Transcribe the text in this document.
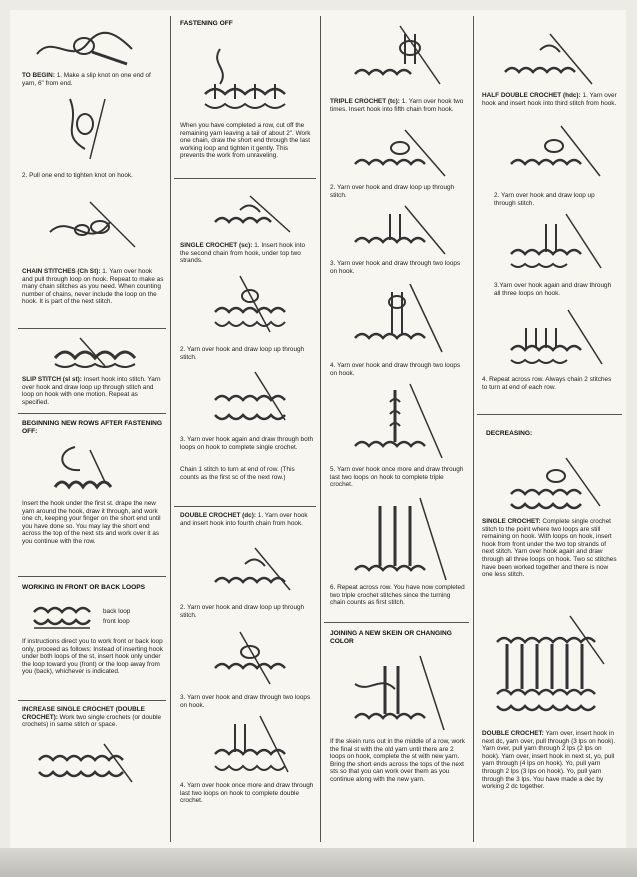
TO BEGIN: 1. Make a slip knot on one end of yarn, 6" from end.
2. Pull one end to tighten knot on hook.
CHAIN STITCHES (Ch St): 1. Yarn over hook and pull through loop on hook. Repeat to make as many chain stitches as you need. When counting number of chains, never include the loop on the hook. It is part of the next stitch.
SLIP STITCH (sl st): Insert hook into stitch. Yarn over hook and draw loop up through stitch and loop on hook with one motion. Repeat as specified.
BEGINNING NEW ROWS AFTER FASTENING OFF:
Insert the hook under the first st. drape the new yarn around the hook, draw it through, and work one ch, keeping your finger on the short end until you have done so. You may lay the short end across the top of the next sts and work over it as you continue with the row.
WORKING IN FRONT OR BACK LOOPS
back loop
front loop
If instructions direct you to work front or back loop only, proceed as follows: Instead of inserting hook under both loops of the st, insert hook only under the loop toward you (front) or the loop away from you (back), whichever is indicated.
INCREASE SINGLE CROCHET (DOUBLE CROCHET): Work two single crochets (or double crochets) in same stitch or space.
FASTENING OFF
When you have completed a row, cut off the remaining yarn leaving a tail of about 2". Work one chain, draw the short end through the last working loop and tighten it gently. This prevents the work from unraveling.
SINGLE CROCHET (sc): 1. Insert hook into the second chain from hook, under top two strands.
2. Yarn over hook and draw loop up through stitch.
3. Yarn over hook again and draw through both loops on hook to complete single crochet.
Chain 1 stitch to turn at end of row. (This counts as the first sc of the next row.)
DOUBLE CROCHET (dc): 1. Yarn over hook and insert hook into fourth chain from hook.
2. Yarn over hook and draw loop up through stitch.
3. Yarn over hook and draw through two loops on hook.
4. Yarn over hook once more and draw through last two loops on hook to complete double crochet.
TRIPLE CROCHET (tc): 1. Yarn over hook two times. Insert hook into fifth chain from hook.
2. Yarn over hook and draw loop up through stitch.
3. Yarn over hook and draw through two loops on hook.
4. Yarn over hook and draw through two loops on hook.
5. Yarn over hook once more and draw through last two loops on hook to complete triple crochet.
6. Repeat across row. You have now completed two triple crochet stitches since the turning chain counts as first stitch.
JOINING A NEW SKEIN OR CHANGING COLOR
If the skein runs out in the middle of a row, work the final st with the old yarn until there are 2 loops on hook, complete the st with new yarn. Bring the short ends across the tops of the next sts so that you can work over them as you continue along with the new yarn.
HALF DOUBLE CROCHET (hdc): 1. Yarn over hook and insert hook into third stitch from hook.
2. Yarn over hook and draw loop up through stitch.
3.Yarn over hook again and draw through all three loops on hook.
4. Repeat across row. Always chain 2 stitches to turn at end of each row.
DECREASING:
SINGLE CROCHET: Complete single crochet stitch to the point where two loops are still remaining on hook. With loops on hook, insert hook from front under the two top strands of next stitch. Yarn over hook again and draw through all three loops on hook. Two sc stitches have been worked together and there is now one less stitch.
DOUBLE CROCHET: Yarn over, insert hook in next dc, yarn over, pull through (3 lps on hook). Yarn over, pull yarn through 2 lps (2 lps on hook). Yarn over, insert hook in next st, yo, pull yarn through (4 lps on hook). Yo, pull yarn through 2 lps (3 lps on hook). Yo, pull yarn through the 3 lps. You have made a dec by working 2 dc together.
